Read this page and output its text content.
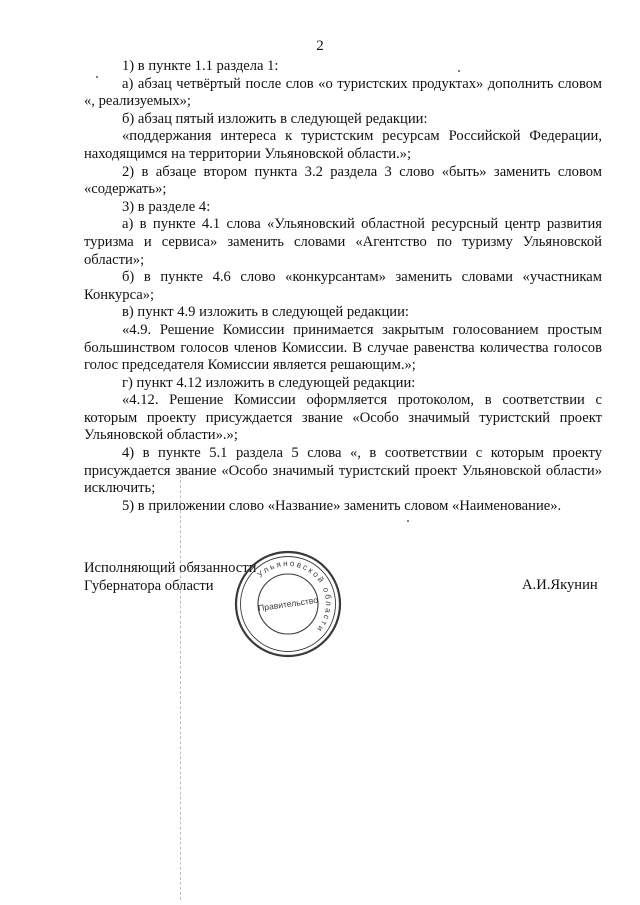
2

1) в пункте 1.1 раздела 1:

а) абзац четвёртый после слов «о туристских продуктах» дополнить словом «, реализуемых»;

б) абзац пятый изложить в следующей редакции:

«поддержания интереса к туристским ресурсам Российской Федерации, находящимся на территории Ульяновской области.»;

2) в абзаце втором пункта 3.2 раздела 3 слово «быть» заменить словом «содержать»;

3) в разделе 4:

а) в пункте 4.1 слова «Ульяновский областной ресурсный центр развития туризма и сервиса» заменить словами «Агентство по туризму Ульяновской области»;

б) в пункте 4.6 слово «конкурсантам» заменить словами «участникам Конкурса»;

в) пункт 4.9 изложить в следующей редакции:

«4.9. Решение Комиссии принимается закрытым голосованием простым большинством голосов членов Комиссии. В случае равенства количества голосов голос председателя Комиссии является решающим.»;

г) пункт 4.12 изложить в следующей редакции:

«4.12. Решение Комиссии оформляется протоколом, в соответствии с которым проекту присуждается звание «Особо значимый туристский проект Ульяновской области».»;

4) в пункте 5.1 раздела 5 слова «, в соответствии с которым проекту присуждается звание «Особо значимый туристский проект Ульяновской области» исключить;

5) в приложении слово «Название» заменить словом «Наименование».

Исполняющий обязанности
Губернатора области	А.И.Якунин
Ульяновской области
Правительство
